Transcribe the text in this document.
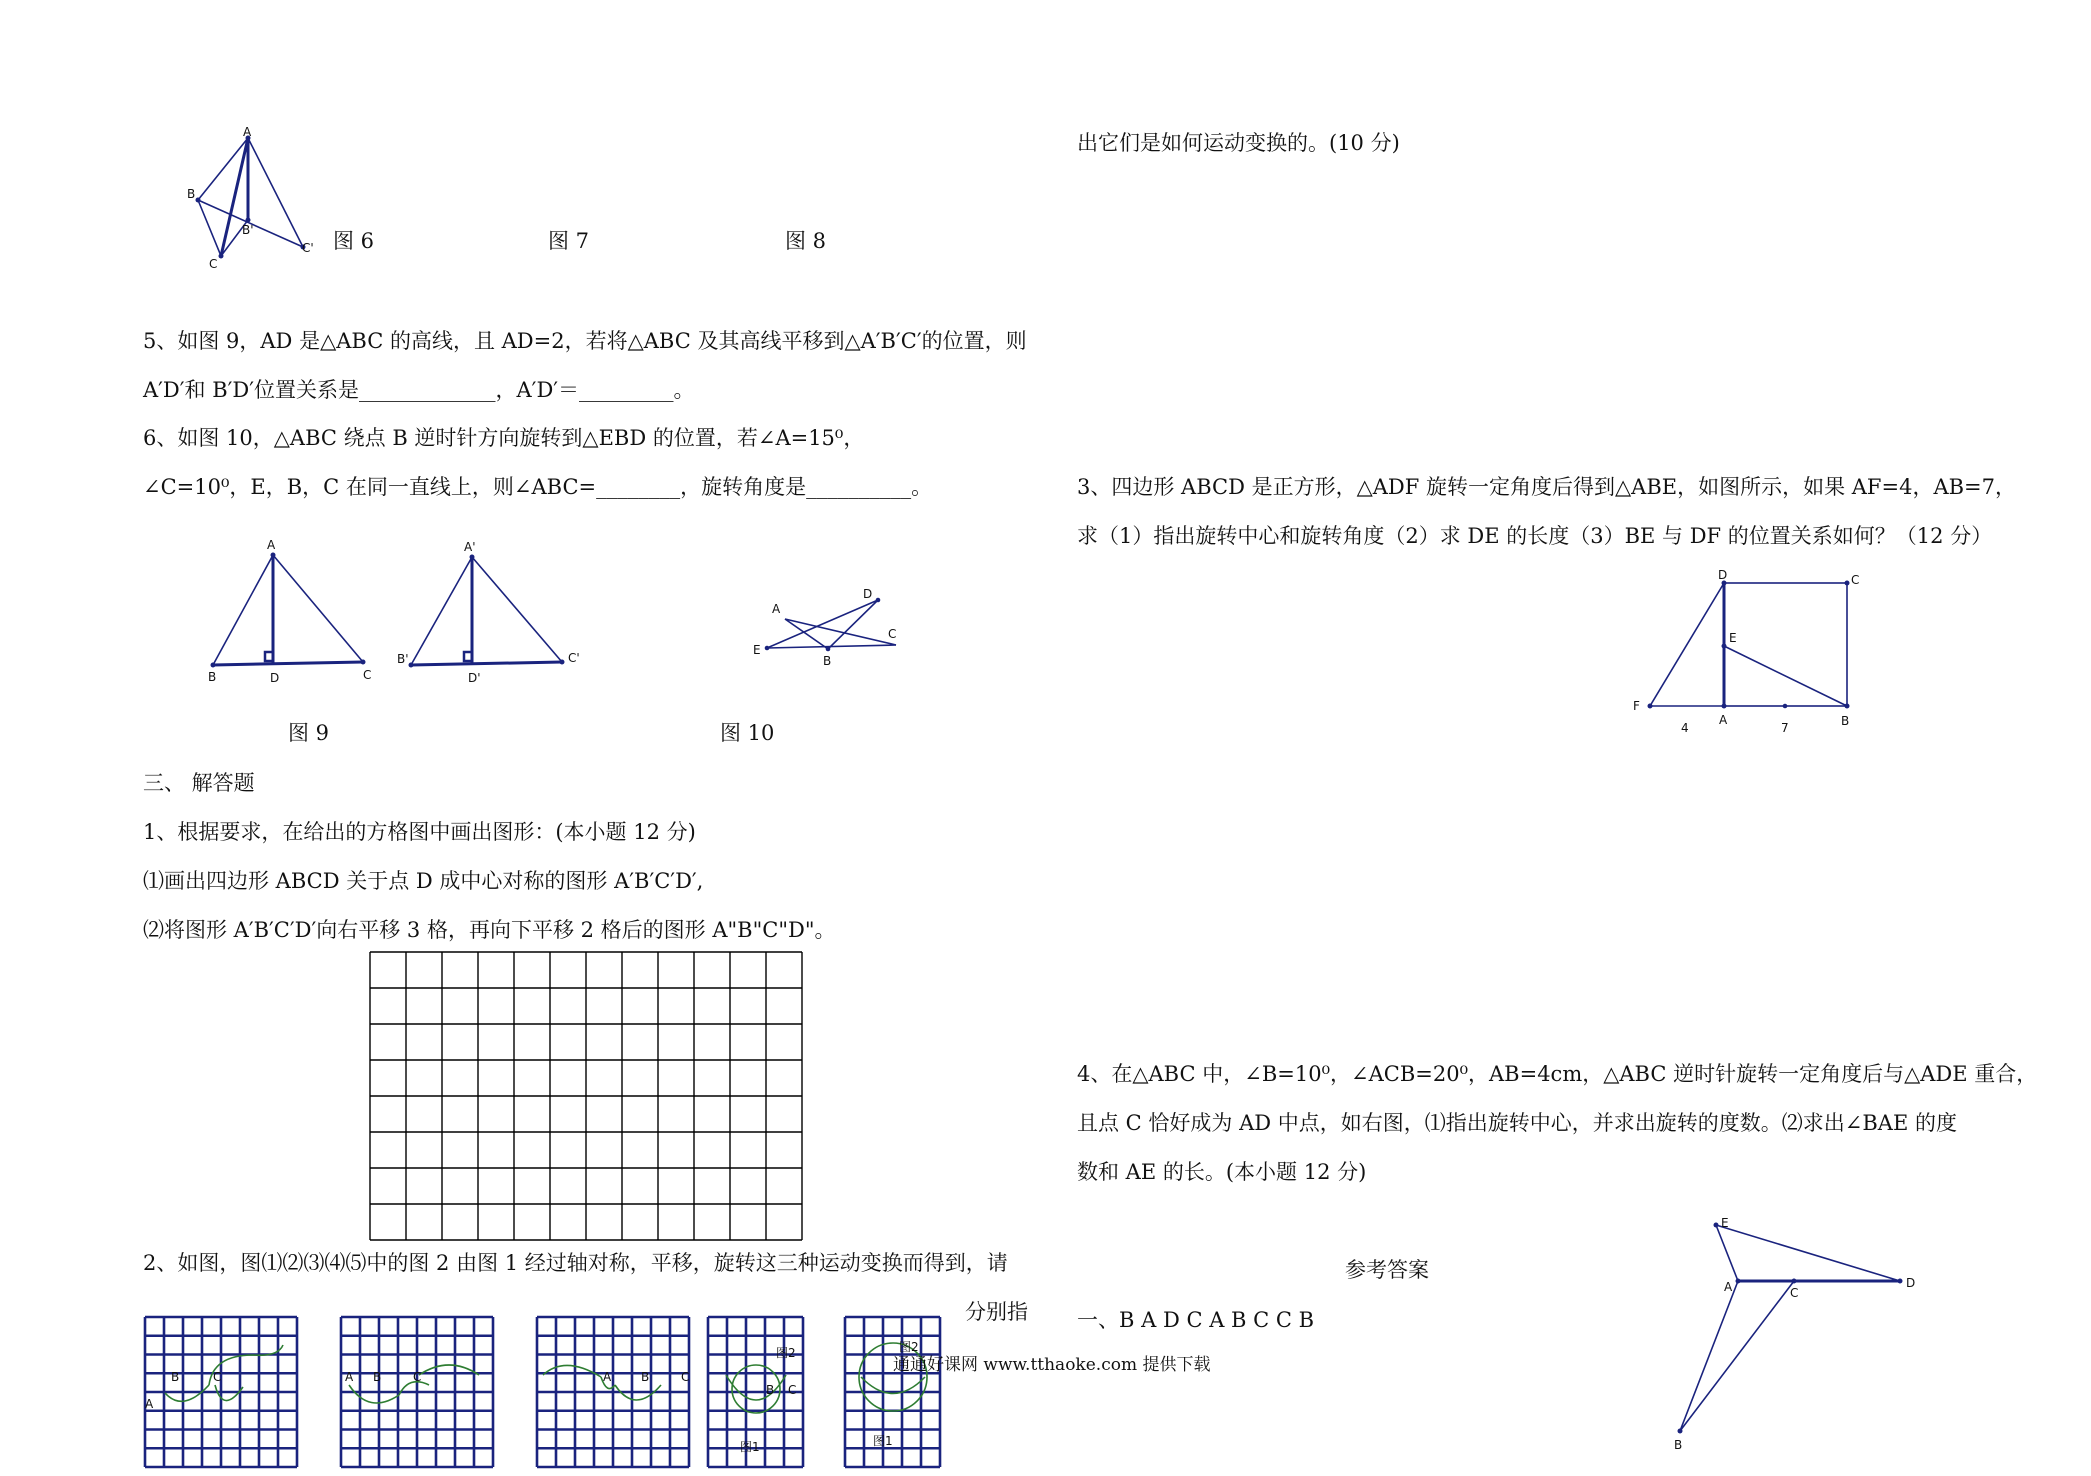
A
B
C
B'
C' 图 6	图 7	图 8
5、如图 9，AD 是△ABC 的高线，且 AD=2，若将△ABC 及其高线平移到△A′B′C′的位置，则
A′D′和 B′D′位置关系是_____________，A′D′＝_________。
6、如图 10，△ABC 绕点 B 逆时针方向旋转到△EBD 的位置，若∠A=15⁰，
∠C=10⁰，E，B，C 在同一直线上，则∠ABC=________，旋转角度是__________。
A
B	D	C
A'
B'
D'
C'
图 9
A
D
C
E
B
图 10
三、 解答题
1、根据要求，在给出的方格图中画出图形：(本小题 12 分)
⑴画出四边形 ABCD 关于点 D 成中心对称的图形 A′B′C′D′,
⑵将图形 A′B′C′D′向右平移 3 格，再向下平移 2 格后的图形 A"B"C"D"。
2、如图，图⑴⑵⑶⑷⑸中的图 2 由图 1 经过轴对称，平移，旋转这三种运动变换而得到，请
分别指
A
B	C	A B	C	A B	C
图2
图1
B C
图2
图1
通通好课网 www.tthaoke.com 提供下载
出它们是如何运动变换的。(10 分)
3、四边形 ABCD 是正方形，△ADF 旋转一定角度后得到△ABE，如图所示，如果 AF=4，AB=7，
求（1）指出旋转中心和旋转角度（2）求 DE 的长度（3）BE 与 DF 的位置关系如何？（12 分）
D	C
E
F
A	B
4	7
4、在△ABC 中，∠B=10⁰，∠ACB=20⁰，AB=4cm，△ABC 逆时针旋转一定角度后与△ADE 重合，
且点 C 恰好成为 AD 中点，如右图，⑴指出旋转中心，并求出旋转的度数。⑵求出∠BAE 的度
数和 AE 的长。(本小题 12 分)
参考答案
一、B A D C A B C C B
E
A	C
D
B
